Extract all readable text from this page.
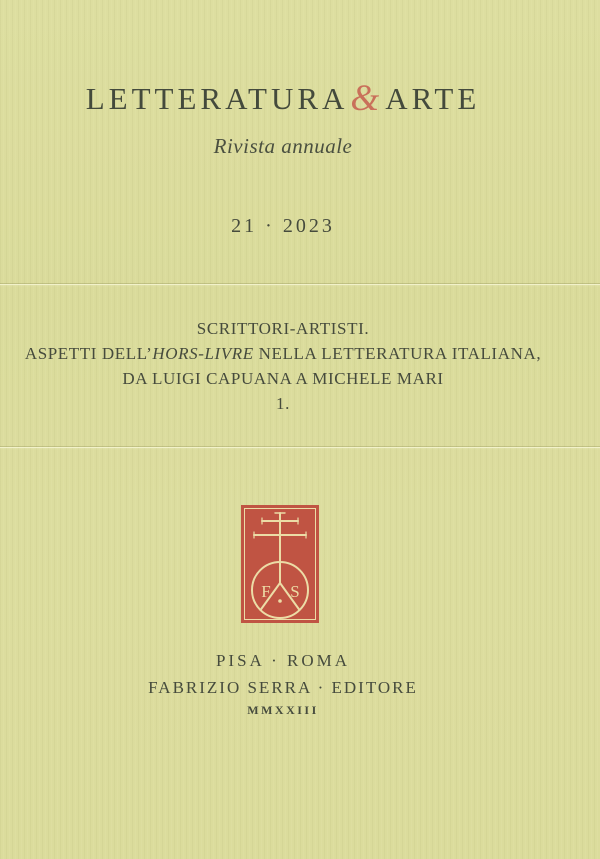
LETTERATURA& ARTE
Rivista annuale
21 · 2023
SCRITTORI-ARTISTI.
ASPETTI DELL’HORS-LIVRE NELLA LETTERATURA ITALIANA,
DA LUIGI CAPUANA A MICHELE MARI
1.
F S
PISA · ROMA
FABRIZIO SERRA · EDITORE
MMXXIII
